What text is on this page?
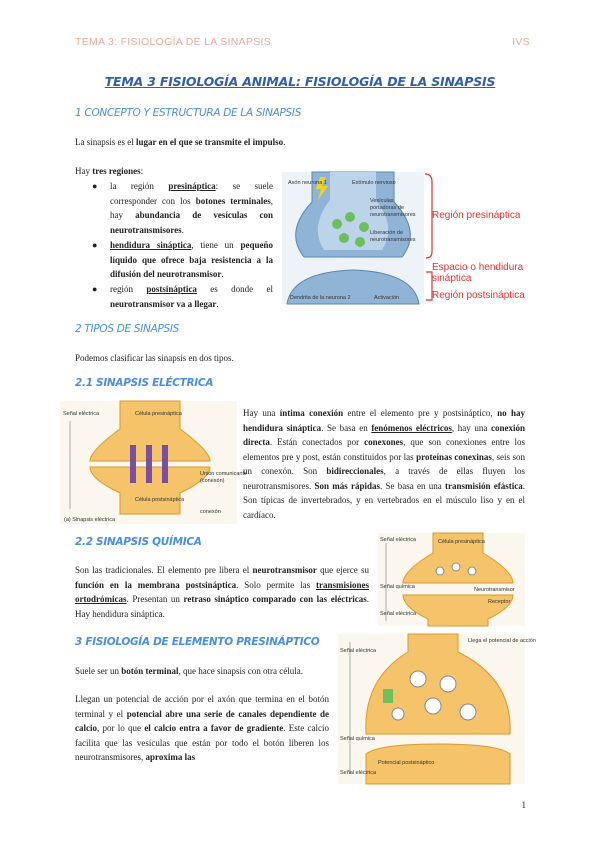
TEMA 3: FISIOLOGÍA DE LA SINAPSIS	IVS
TEMA 3 FISIOLOGÍA ANIMAL: FISIOLOGÍA DE LA SINAPSIS
1 CONCEPTO Y ESTRUCTURA DE LA SINAPSIS
La sinapsis es el lugar en el que se transmite el impulso.
Hay tres regiones:
● la región presináptica: se suele corresponder con los botones terminales, hay abundancia de vesículas con neurotransmisores.
● hendidura sináptica, tiene un pequeño líquido que ofrece baja resistencia a la difusión del neurotransmisor.
● región postsináptica es donde el neurotransmisor va a llegar.
Axón neurona 1	Estímulo nervioso
Vesículas
portadoras de
neurotransmisores
Liberación de
neurotransmisores
Dendrita de la neurona 2	Activación
Región presináptica
Espacio o hendidura
sináptica
Región postsináptica
2 TIPOS DE SINAPSIS
Podemos clasificar las sinapsis en dos tipos.
2.1 SINAPSIS ELÉCTRICA
Señal eléctrica	Célula presináptica
Célula postsináptica
Unión comunicante
(conexón)
conexón
(a) Sinapsis eléctrica
Hay una íntima conexión entre el elemento pre y postsináptico, no hay hendidura sináptica. Se basa en fenómenos eléctricos, hay una conexión directa. Están conectados por conexones, que son conexiones entre los elementos pre y post, están constituidos por las proteínas conexinas, seis son un conexón. Son bidireccionales, a través de ellas fluyen los neurotransmisores. Son más rápidas. Se basa en una transmisión efástica. Son típicas de invertebrados, y en vertebrados en el músculo liso y en el cardíaco.
2.2 SINAPSIS QUÍMICA
Son las tradicionales. El elemento pre libera el neurotransmisor que ejerce su función en la membrana postsináptica. Solo permite las transmisiones ortodrómicas. Presentan un retraso sináptico comparado con las eléctricas. Hay hendidura sináptica.
Señal eléctrica
Señal química
Señal eléctrica
Neurotransmisor
Receptor
Célula presináptica
3 FISIOLOGÍA DE ELEMENTO PRESINÁPTICO
Suele ser un botón terminal, que hace sinapsis con otra célula.
Llegan un potencial de acción por el axón que termina en el botón terminal y el potencial abre una serie de canales dependiente de calcio, por lo que el calcio entra a favor de gradiente. Este calcio facilita que las vesículas que están por todo el botón liberen los neurotransmisores, aproxima las
Llega el potencial de acción
Señal eléctrica
Señal química
Señal eléctrica
Potencial postsináptico
1
